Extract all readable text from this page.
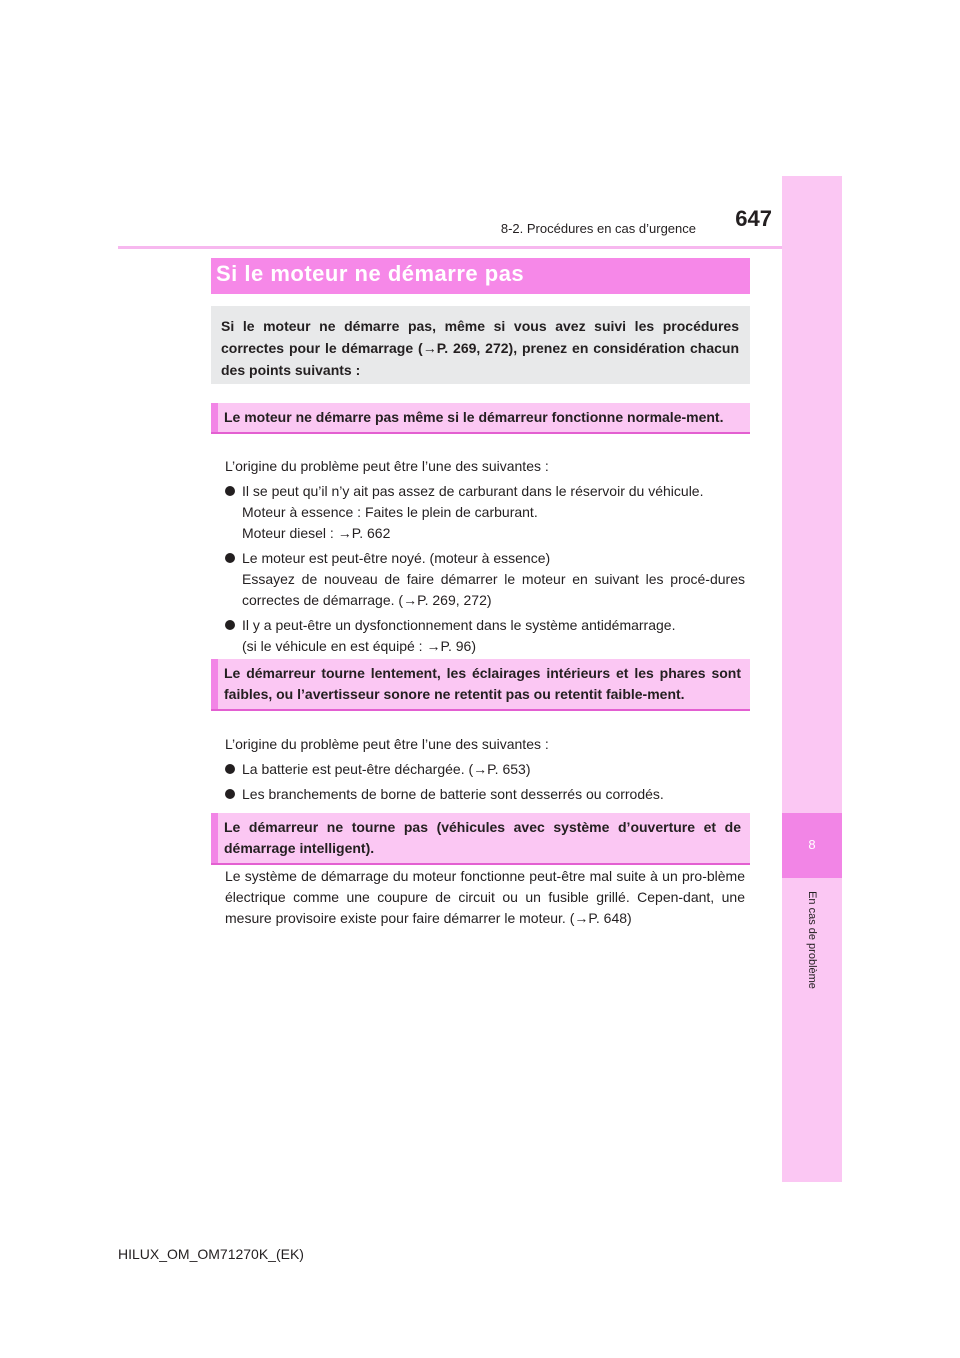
8-2. Procédures en cas d’urgence 647
8
En cas de problème
Si le moteur ne démarre pas
Si le moteur ne démarre pas, même si vous avez suivi les procédures correctes pour le démarrage (→P. 269, 272), prenez en considération chacun des points suivants :
Le moteur ne démarre pas même si le démarreur fonctionne normale-ment.

L’origine du problème peut être l’une des suivantes :

Il se peut qu’il n’y ait pas assez de carburant dans le réservoir du véhicule.
Moteur à essence : Faites le plein de carburant.
Moteur diesel : →P. 662
Le moteur est peut-être noyé. (moteur à essence)
Essayez de nouveau de faire démarrer le moteur en suivant les procé-dures correctes de démarrage. (→P. 269, 272)
Il y a peut-être un dysfonctionnement dans le système antidémarrage.
(si le véhicule en est équipé : →P. 96)
Le démarreur tourne lentement, les éclairages intérieurs et les phares sont faibles, ou l’avertisseur sonore ne retentit pas ou retentit faible-ment.

L’origine du problème peut être l’une des suivantes :

La batterie est peut-être déchargée. (→P. 653)
Les branchements de borne de batterie sont desserrés ou corrodés.
Le démarreur ne tourne pas (véhicules avec système d’ouverture et de démarrage intelligent).

Le système de démarrage du moteur fonctionne peut-être mal suite à un pro-blème électrique comme une coupure de circuit ou un fusible grillé. Cepen-dant, une mesure provisoire existe pour faire démarrer le moteur. (→P. 648)

HILUX_OM_OM71270K_(EK)
